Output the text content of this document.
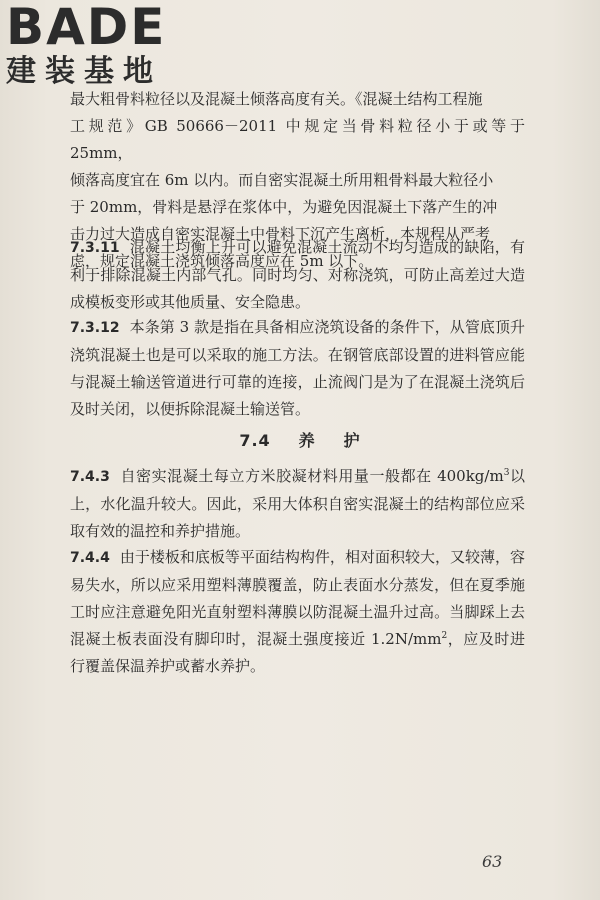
BADE
建装基地
最大粗骨料粒径以及混凝土倾落高度有关。《混凝土结构工程施
工规范》GB 50666－2011 中规定当骨料粒径小于或等于 25mm，
倾落高度宜在 6m 以内。而自密实混凝土所用粗骨料最大粒径小
于 20mm，骨料是悬浮在浆体中，为避免因混凝土下落产生的冲
击力过大造成自密实混凝土中骨料下沉产生离析，本规程从严考
虑，规定混凝土浇筑倾落高度应在 5m 以下。

7.3.11 混凝土均衡上升可以避免混凝土流动不均匀造成的缺陷，有利于排除混凝土内部气孔。同时均匀、对称浇筑，可防止高差过大造成模板变形或其他质量、安全隐患。

7.3.12 本条第 3 款是指在具备相应浇筑设备的条件下，从管底顶升浇筑混凝土也是可以采取的施工方法。在钢管底部设置的进料管应能与混凝土输送管道进行可靠的连接，止流阀门是为了在混凝土浇筑后及时关闭，以便拆除混凝土输送管。

7.4 养 护

7.4.3 自密实混凝土每立方米胶凝材料用量一般都在 $400kg/m^3$以上，水化温升较大。因此，采用大体积自密实混凝土的结构部位应采取有效的温控和养护措施。

7.4.4 由于楼板和底板等平面结构构件，相对面积较大，又较薄，容易失水，所以应采用塑料薄膜覆盖，防止表面水分蒸发，但在夏季施工时应注意避免阳光直射塑料薄膜以防混凝土温升过高。当脚踩上去混凝土板表面没有脚印时，混凝土强度接近 $1.2N/mm^2$，应及时进行覆盖保温养护或蓄水养护。

63
